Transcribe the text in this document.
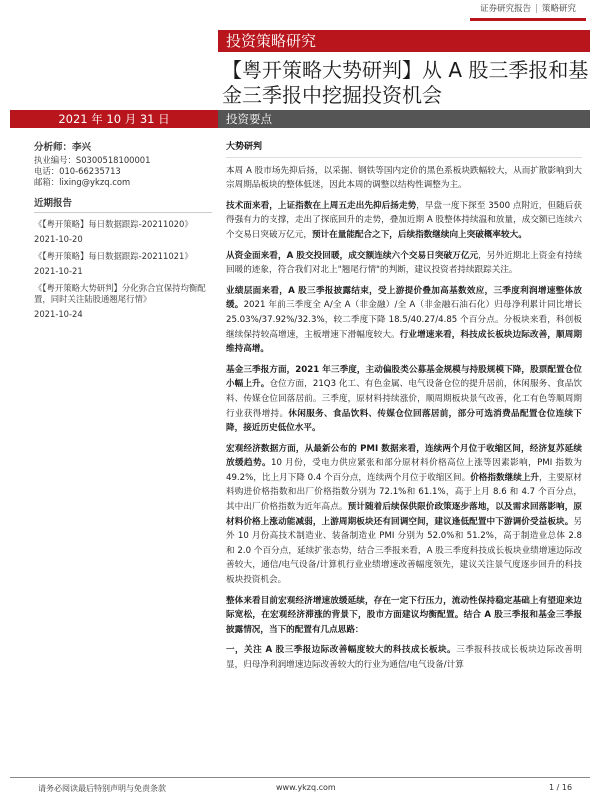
证券研究报告 | 策略研究
投资策略研究
【粤开策略大势研判】从 A 股三季报和基金三季报中挖掘投资机会
2021 年 10 月 31 日	投资要点
分析师：李兴
执业编号：S0300518100001
电话：010-66235713
邮箱：lixing@ykzq.com
近期报告
《【粤开策略】每日数据跟踪-20211020》
2021-10-20
《【粤开策略】每日数据跟踪-20211021》
2021-10-21
《【粤开策略大势研判】分化弥合宜保持均衡配置，同时关注陆股通翘尾行情》
2021-10-24
大势研判

本周 A 股市场先抑后扬，以采掘、钢铁等国内定价的黑色系板块跌幅较大，从而扩散影响到大宗周期品板块的整体低迷，因此本周的调整以结构性调整为主。

技术面来看，上证指数在上周五走出先抑后扬走势，早盘一度下探至 3500 点附近，但随后获得强有力的支撑，走出了探底回升的走势，叠加近期 A 股整体持续温和放量，成交额已连续六个交易日突破万亿元，预计在量能配合之下，后续指数继续向上突破概率较大。

从资金面来看，A 股交投回暖，成交额连续六个交易日突破万亿元，另外近期北上资金有持续回暖的迹象，符合我们对北上"翘尾行情"的判断，建议投资者持续跟踪关注。

业绩层面来看，A 股三季报披露结束，受上游提价叠加高基数效应，三季度利润增速整体放缓。2021 年前三季度全 A/全 A（非金融）/全 A（非金融石油石化）归母净利累计同比增长 25.03%/37.92%/32.3%，较二季度下降 18.5/40.27/4.85 个百分点。分板块来看，科创板继续保持较高增速，主板增速下滑幅度较大。行业增速来看，科技成长板块边际改善，顺周期维持高增。

基金三季报方面，2021 年三季度，主动偏股类公募基金规模与持股规模下降，股票配置仓位小幅上升。仓位方面，21Q3 化工、有色金属、电气设备仓位的提升居前，休闲服务、食品饮料、传媒仓位回落居前。三季度，原材料持续涨价，顺周期板块景气改善，化工有色等顺周期行业获得增持。休闲服务、食品饮料、传媒仓位回落居前，部分可选消费品配置仓位连续下降，接近历史低位水平。

宏观经济数据方面，从最新公布的 PMI 数据来看，连续两个月位于收缩区间，经济复苏延续放缓趋势。10 月份，受电力供应紧张和部分原材料价格高位上涨等因素影响，PMI 指数为 49.2%，比上月下降 0.4 个百分点，连续两个月位于收缩区间。价格指数继续上升，主要原材料购进价格指数和出厂价格指数分别为 72.1%和 61.1%，高于上月 8.6 和 4.7 个百分点，其中出厂价格指数为近年高点。预计随着后续保供限价政策逐步落地，以及需求回落影响，原材料价格上涨动能减弱，上游周期板块还有回调空间，建议逢低配置中下游调价受益板块。另外 10 月份高技术制造业、装备制造业 PMI 分别为 52.0%和 51.2%，高于制造业总体 2.8 和 2.0 个百分点，延续扩张态势，结合三季报来看，A 股三季度科技成长板块业绩增速边际改善较大，通信/电气设备/计算机行业业绩增速改善幅度领先，建议关注景气度逐步回升的科技板块投资机会。

整体来看目前宏观经济增速放缓延续，存在一定下行压力，流动性保持稳定基础上有望迎来边际宽松，在宏观经济滞涨的背景下，股市方面建议均衡配置。结合 A 股三季报和基金三季报披露情况，当下的配置有几点思路：

一，关注 A 股三季报边际改善幅度较大的科技成长板块。三季报科技成长板块边际改善明显，归母净利润增速边际改善较大的行业为通信/电气设备/计算

请务必阅读最后特别声明与免责条款	www.ykzq.com	1 / 16
